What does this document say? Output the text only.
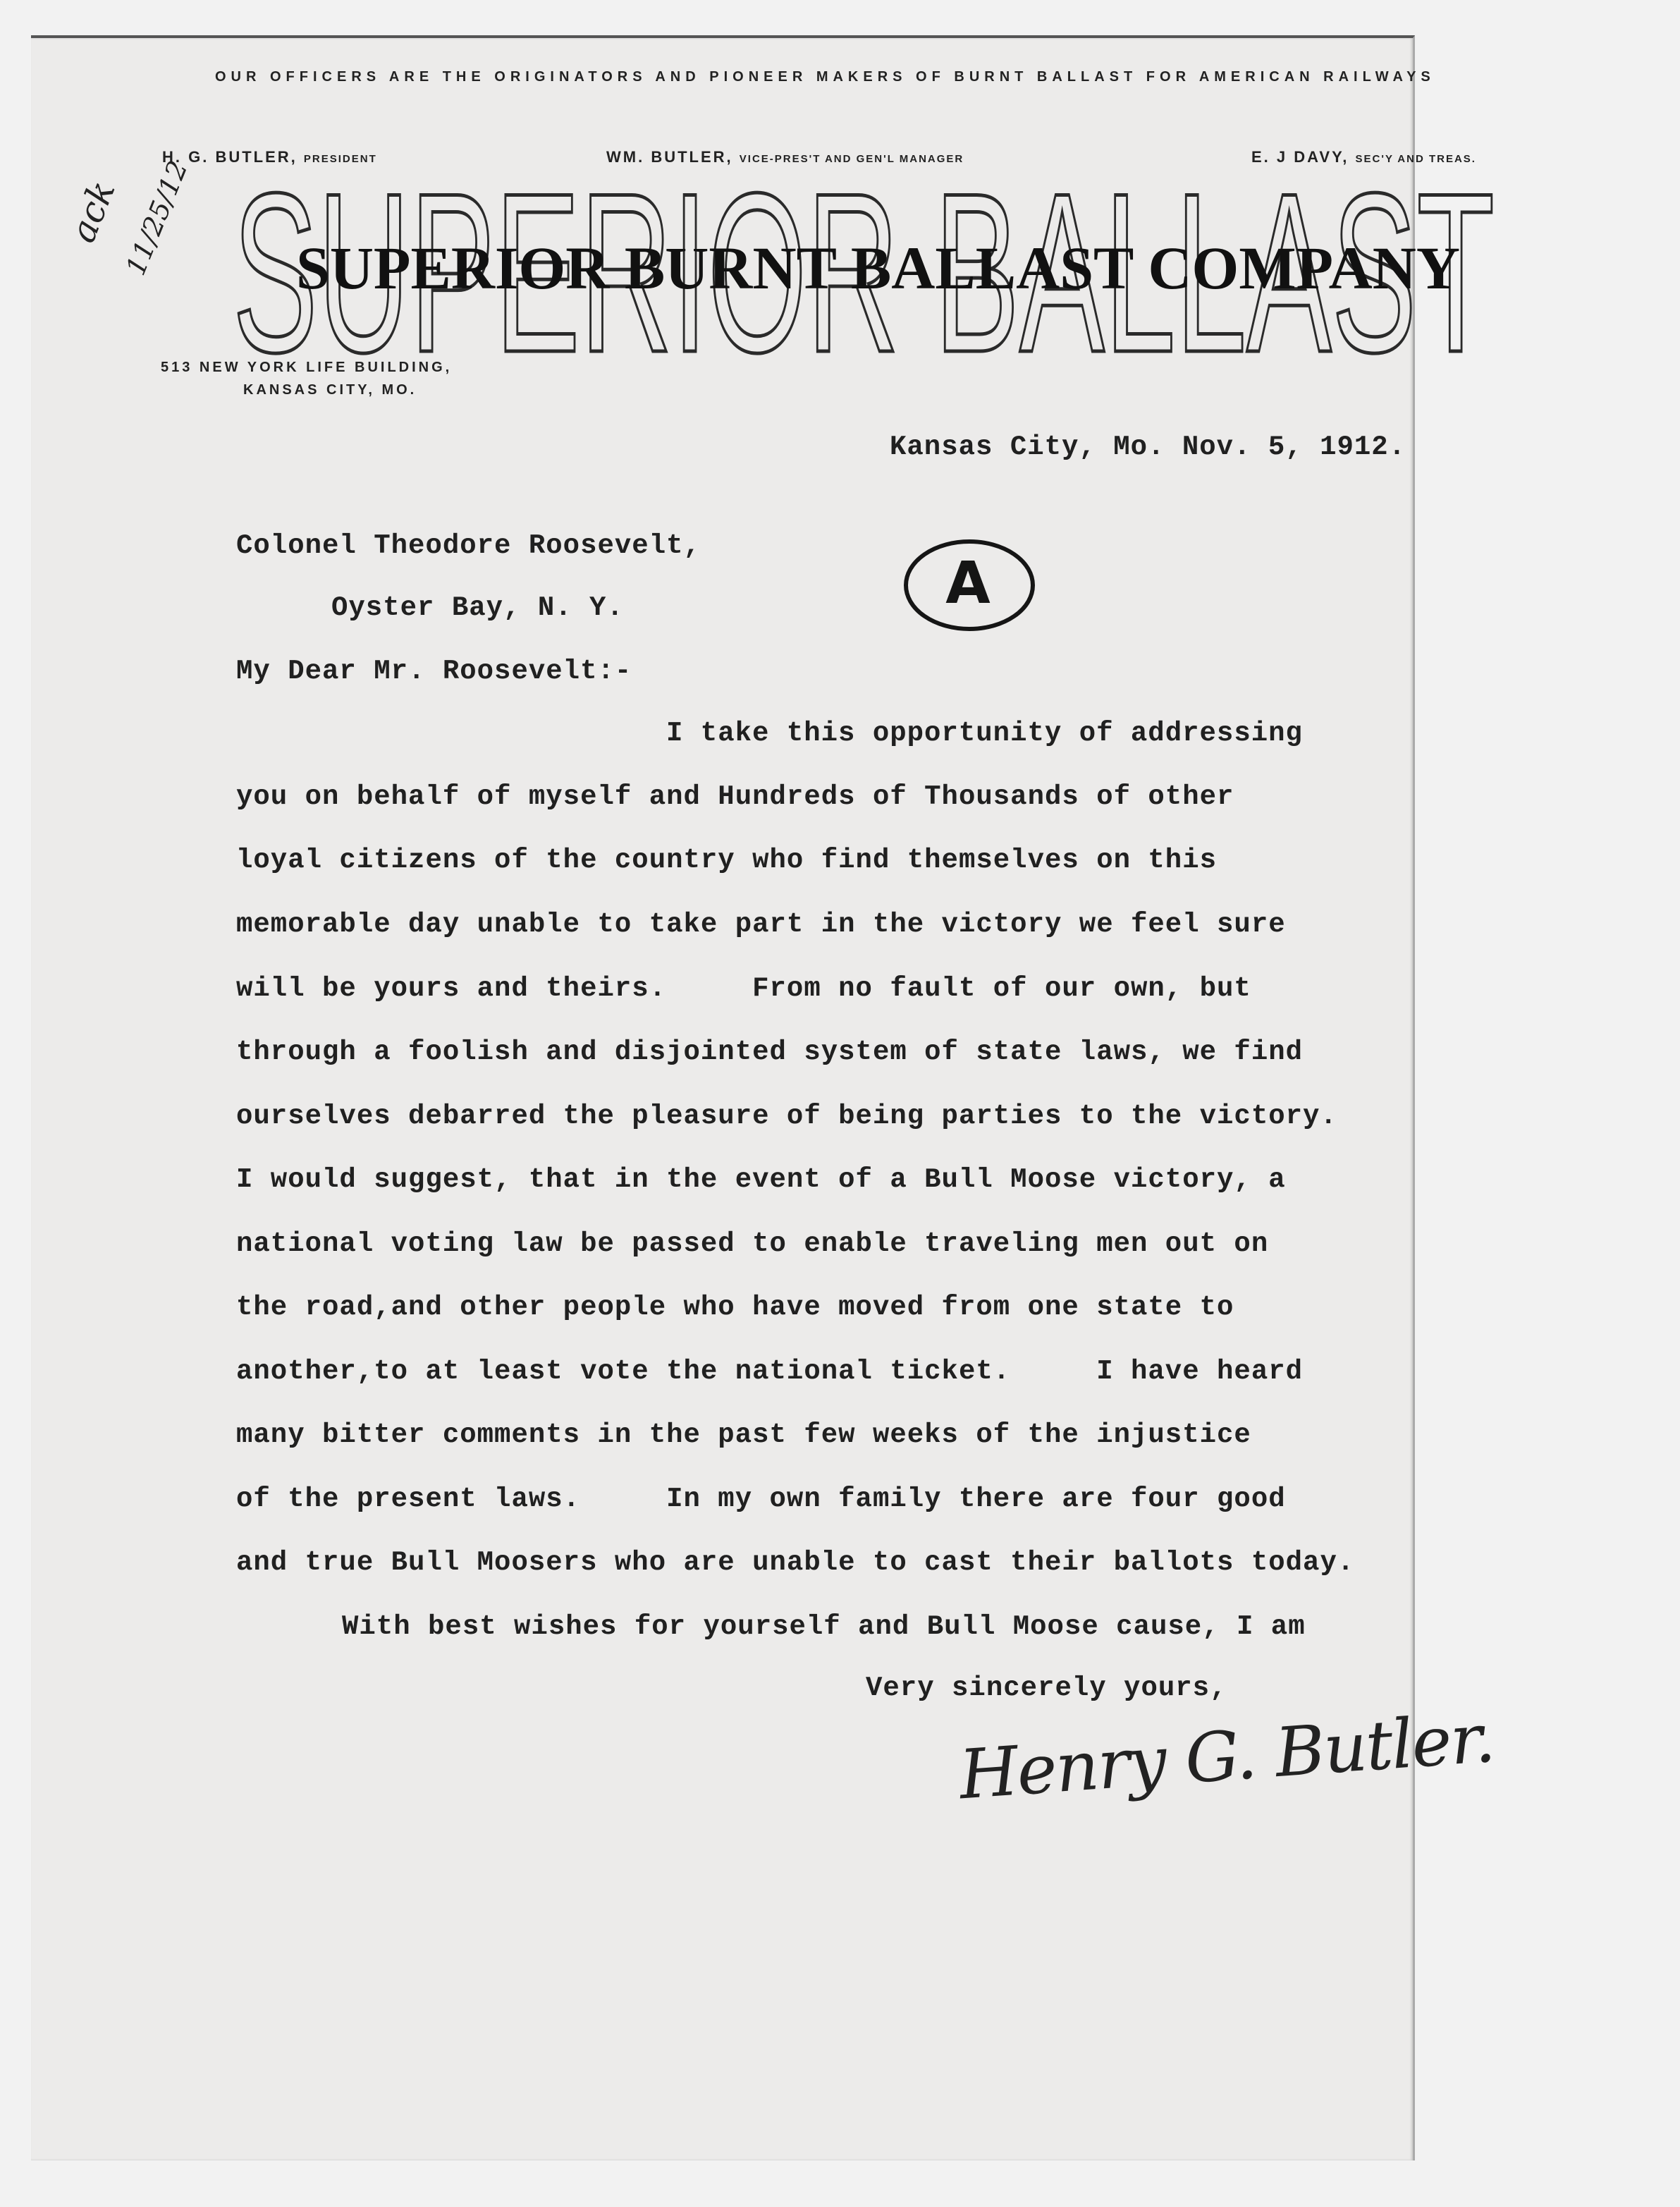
OUR OFFICERS ARE THE ORIGINATORS AND PIONEER MAKERS OF BURNT BALLAST FOR AMERICAN RAILWAYS
H. G. BUTLER, PRESIDENT	WM. BUTLER, VICE-PRES'T AND GEN'L MANAGER	E. J DAVY, SEC'Y AND TREAS.
SUPERIOR BALLAST
SUPERIOR BURNT BALLAST COMPANY
513 NEW YORK LIFE BUILDING,
KANSAS CITY, MO.
ack
11/25/12
A
Kansas City, Mo. Nov. 5, 1912.
Colonel Theodore Roosevelt,
Oyster Bay, N. Y.
My Dear Mr. Roosevelt:-
I take this opportunity of addressing
you on behalf of myself and Hundreds of Thousands of other
loyal citizens of the country who find themselves on this
memorable day unable to take part in the victory we feel sure
will be yours and theirs.     From no fault of our own, but
through a foolish and disjointed system of state laws, we find
ourselves debarred the pleasure of being parties to the victory.
I would suggest, that in the event of a Bull Moose victory, a
national voting law be passed to enable traveling men out on
the road,and other people who have moved from one state to
another,to at least vote the national ticket.     I have heard
many bitter comments in the past few weeks of the injustice
of the present laws.     In my own family there are four good
and true Bull Moosers who are unable to cast their ballots today.
With best wishes for yourself and Bull Moose cause, I am
Very sincerely yours,
Henry G. Butler.
